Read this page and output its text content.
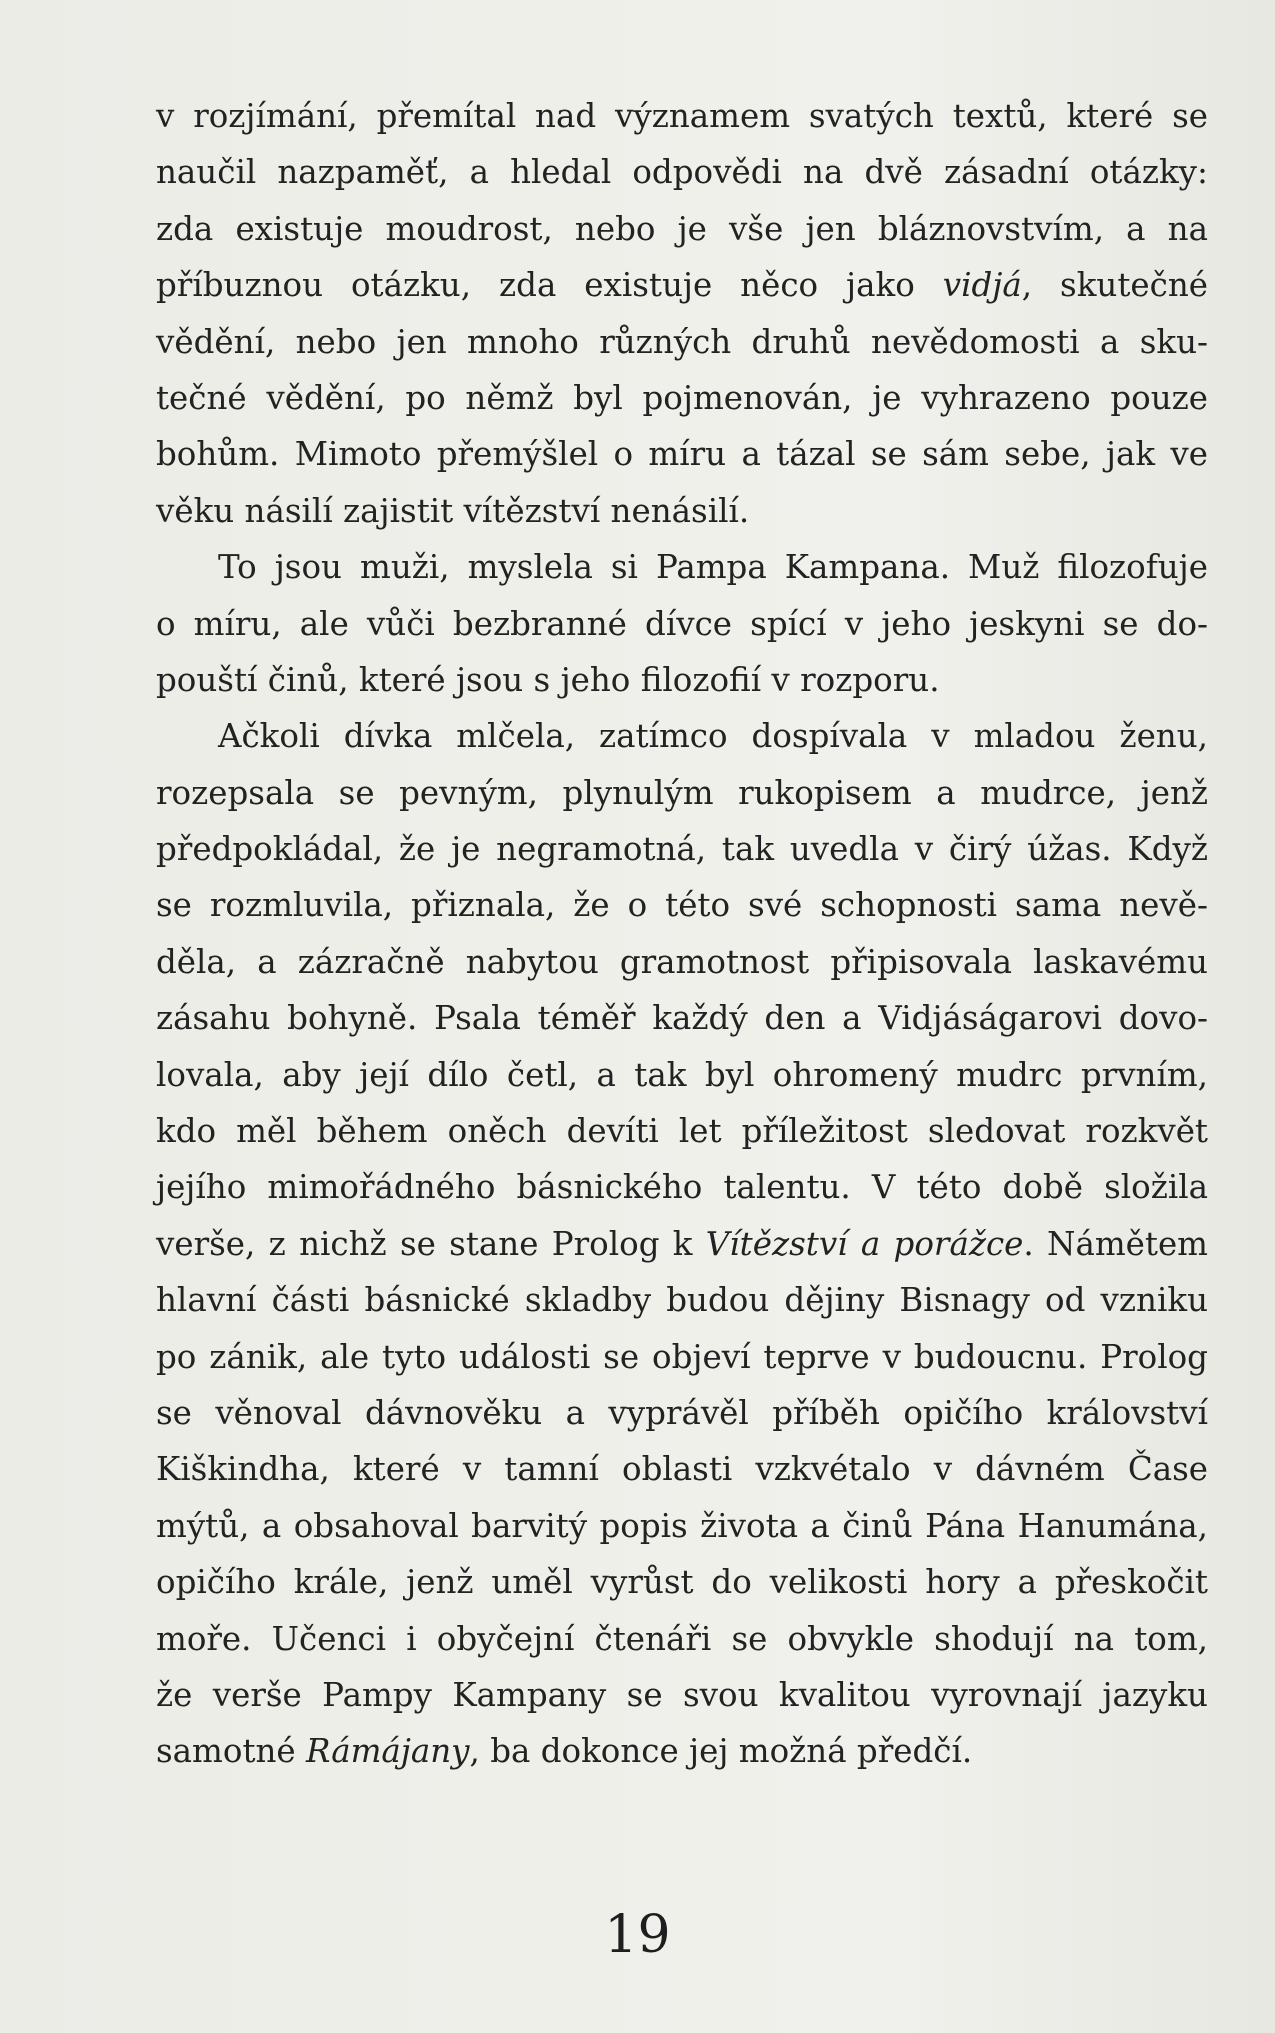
v rozjímání, přemítal nad významem svatých textů, které se
naučil nazpaměť, a hledal odpovědi na dvě zásadní otázky:
zda existuje moudrost, nebo je vše jen bláznovstvím, a na
příbuznou otázku, zda existuje něco jako vidjá, skutečné
vědění, nebo jen mnoho různých druhů nevědomosti a sku-
tečné vědění, po němž byl pojmenován, je vyhrazeno pouze
bohům. Mimoto přemýšlel o míru a tázal se sám sebe, jak ve
věku násilí zajistit vítězství nenásilí.
To jsou muži, myslela si Pampa Kampana. Muž filozofuje
o míru, ale vůči bezbranné dívce spící v jeho jeskyni se do-
pouští činů, které jsou s jeho filozofií v rozporu.
Ačkoli dívka mlčela, zatímco dospívala v mladou ženu,
rozepsala se pevným, plynulým rukopisem a mudrce, jenž
předpokládal, že je negramotná, tak uvedla v čirý úžas. Když
se rozmluvila, přiznala, že o této své schopnosti sama nevě-
děla, a zázračně nabytou gramotnost připisovala laskavému
zásahu bohyně. Psala téměř každý den a Vidjáságarovi dovo-
lovala, aby její dílo četl, a tak byl ohromený mudrc prvním,
kdo měl během oněch devíti let příležitost sledovat rozkvět
jejího mimořádného básnického talentu. V této době složila
verše, z nichž se stane Prolog k Vítězství a porážce. Námětem
hlavní části básnické skladby budou dějiny Bisnagy od vzniku
po zánik, ale tyto události se objeví teprve v budoucnu. Prolog
se věnoval dávnověku a vyprávěl příběh opičího království
Kiškindha, které v tamní oblasti vzkvétalo v dávném Čase
mýtů, a obsahoval barvitý popis života a činů Pána Hanumána,
opičího krále, jenž uměl vyrůst do velikosti hory a přeskočit
moře. Učenci i obyčejní čtenáři se obvykle shodují na tom,
že verše Pampy Kampany se svou kvalitou vyrovnají jazyku
samotné Rámájany, ba dokonce jej možná předčí.
19
